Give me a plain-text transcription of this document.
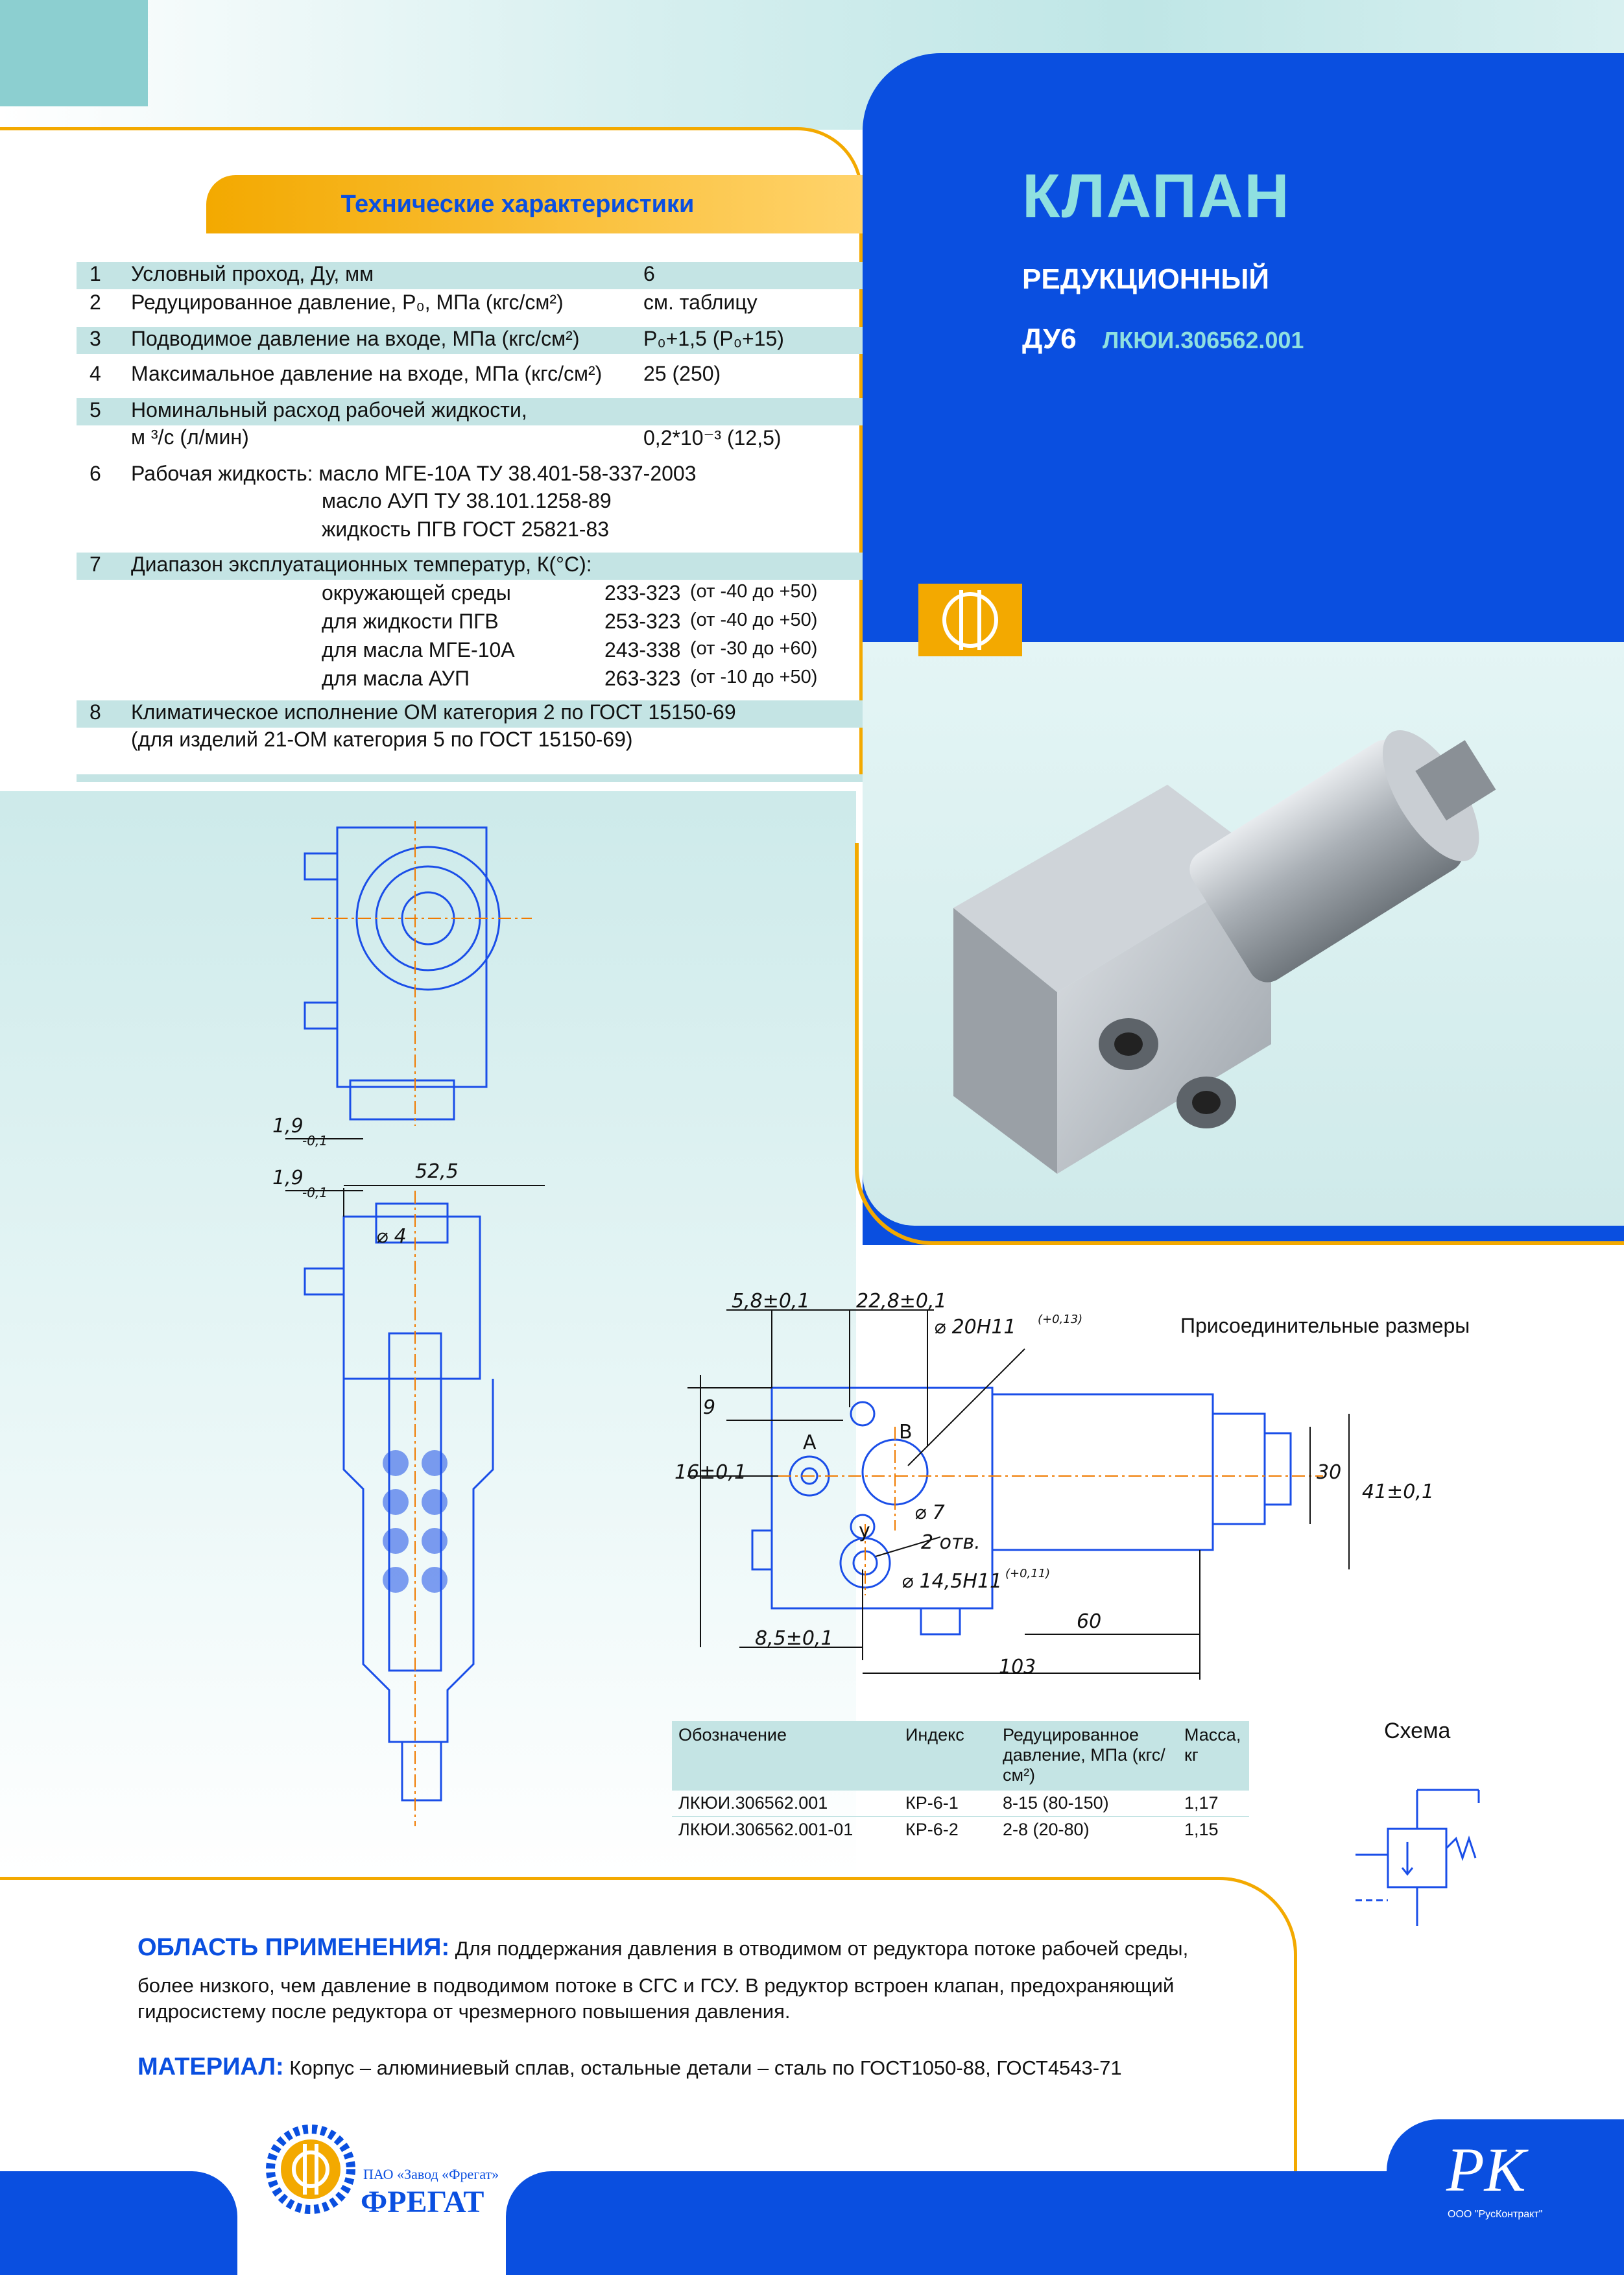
Технические характеристики
1 Условный проход, Ду, мм	6
2 Редуцированное давление, P₀, МПа (кгс/см²)	см. таблицу
3 Подводимое давление на входе, МПа (кгс/см²)	P₀+1,5 (P₀+15)
4 Максимальное давление на входе, МПа (кгс/см²) 25 (250)
5 Номинальный расход рабочей жидкости,
м ³/с (л/мин)	0,2*10⁻³ (12,5)
6 Рабочая жидкость: масло МГЕ-10А ТУ 38.401-58-337-2003
масло АУП ТУ 38.101.1258-89
жидкость ПГВ ГОСТ 25821-83
7 Диапазон эксплуатационных температур, К(°С):
окружающей среды	233-323 (от -40 до +50)
для жидкости ПГВ	253-323 (от -40 до +50)
для масла МГЕ-10А	243-338 (от -30 до +60)
для масла АУП	263-323 (от -10 до +50)
8 Климатическое исполнение ОМ категория 2 по ГОСТ 15150-69
(для изделий 21-ОМ категория 5 по ГОСТ 15150-69)
КЛАПАН
РЕДУКЦИОННЫЙ
ДУ6 ЛКЮИ.306562.001
1,9
-0,1
1,9
-0,1
52,5
⌀ 4
Присоединительные размеры
5,8±0,1 22,8±0,1
⌀ 20H11 (+0,13)
9
16±0,1
А	В
у
⌀ 7
2 отв.
⌀ 14,5H11 (+0,11)
30
41±0,1
60
8,5±0,1
103
Обозначение	Индекс	Редуцированное давление, МПа (кгс/см²)	Масса, кг
ЛКЮИ.306562.001	КР-6-1	8-15 (80-150)	1,17
ЛКЮИ.306562.001-01	КР-6-2	2-8 (20-80)	1,15
Схема
ОБЛАСТЬ ПРИМЕНЕНИЯ: Для поддержания давления в отводимом от редуктора потоке рабочей среды,
более низкого, чем давление в подводимом потоке в СГС и ГСУ. В редуктор встроен клапан, предохраняющий
гидросистему после редуктора от чрезмерного повышения давления.
МАТЕРИАЛ: Корпус – алюминиевый сплав, остальные детали – сталь по ГОСТ1050-88, ГОСТ4543-71
ПАО «Завод «Фрегат»
ФРЕГАТ	РК
ООО "РусКонтракт"
